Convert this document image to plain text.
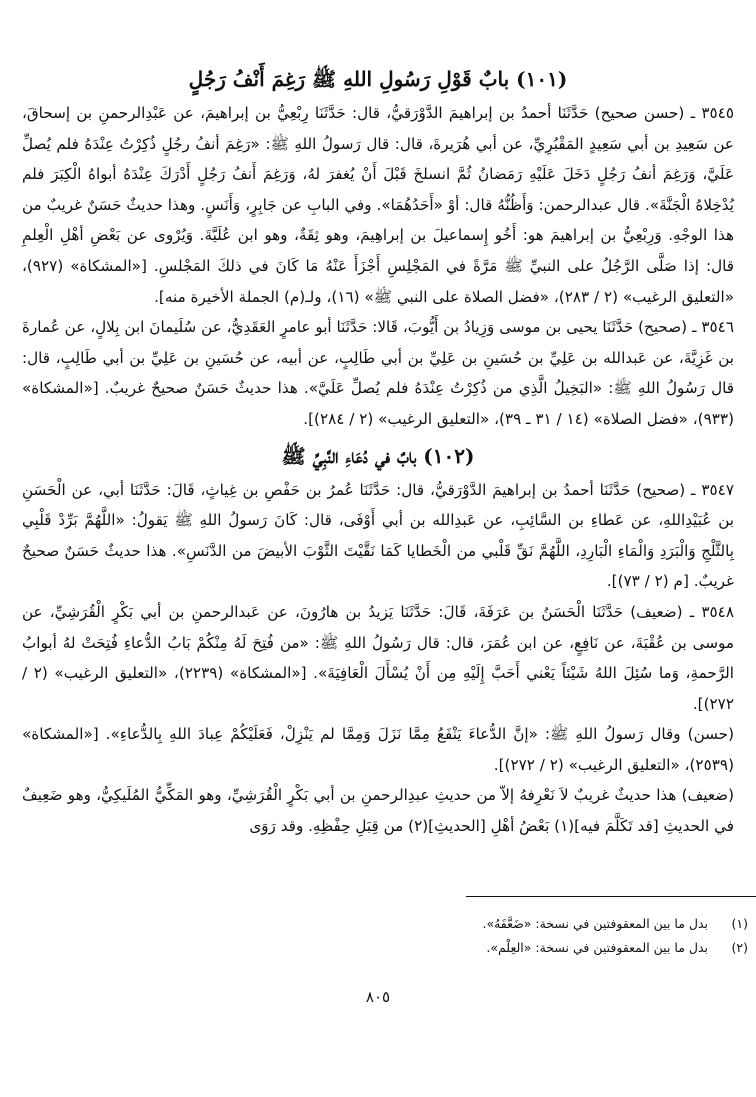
(١٠١) بابٌ قَوْلِ رَسُولِ اللهِ ﷺ رَغِمَ أَنْفُ رَجُلٍ

٣٥٤٥ ـ (حسن صحيح) حَدَّثَنَا أحمدُ بن إبراهيمَ الدَّوْرَقيُّ، قال: حَدَّثَنَا رِبْعِيُّ بن إبراهيمَ، عن عَبْدِالرحمنِ بن إسحاقَ، عن سَعِيدِ بن أبي سَعِيدٍ المَقْبُرِيِّ، عن أبي هُرَيرةَ، قال: قال رَسولُ اللهِ ﷺ: «رَغِمَ أنفُ رجُلٍ ذُكِرْتُ عِنْدَهُ فلم يُصلِّ عَلَيَّ، وَرَغِمَ أنفُ رَجُلٍ دَخَلَ عَلَيْهِ رَمَضانُ ثُمَّ انسلخَ قَبْلَ أَنْ يُغفرَ لهُ، وَرَغِمَ أَنفُ رَجُلٍ أَدْرَكَ عِنْدَهُ أبواهُ الْكِبَرَ فلم يُدْخِلاهُ الْجَنَّةَ». قال عبدالرحمن: وَأَظُنُّهُ قال: أوْ «أَحَدُهُمَا». وفي البابِ عن جَابِرٍ، وَأَنَسٍ. وهذا حديثٌ حَسَنٌ غريبٌ من هذا الوجْهِ. وَرِبْعِيُّ بن إبراهيمَ هو: أَخُو إِسماعيلَ بن إبراهِيمَ، وهو ثِقَةٌ، وهو ابن عُلَيَّةَ. وَيُرْوى عن بَعْضِ أهْلِ الْعِلمِ قال: إذا صَلَّى الرَّجُلُ على النبيِّ ﷺ مَرَّةً في المَجْلِسِ أَجْزَأَ عَنْهُ مَا كَانَ في ذلكَ المَجْلسِ. [«المشكاة» (٩٢٧)، «التعليق الرغيب» (٢ / ٢٨٣)، «فضل الصلاة على النبي ﷺ» (١٦)، ولـ(م) الجملة الأخيرة منه].

٣٥٤٦ ـ (صحيح) حَدَّثَنَا يحيى بن موسى وَزِيادُ بن أَيُّوبَ، قَالا: حَدَّثَنَا أبو عامرٍ العَقَدِيُّ، عن سُلَيمانَ ابن بِلالٍ، عن عُمارةَ بن غَزِيَّةَ، عن عَبدالله بن عَلِيِّ بن حُسَينِ بن عَلِيِّ بن أبي طَالِبٍ، عن أبيه، عن حُسَينِ بن عَلِيِّ بن أبي طَالِبٍ، قال: قال رَسُولُ اللهِ ﷺ: «البَخِيلُ الَّذِي من ذُكِرْتُ عِنْدَهُ فلم يُصلِّ عَلَيَّ». هذا حديثٌ حَسَنٌ صحيحٌ غريبٌ. [«المشكاة» (٩٣٣)، «فضل الصلاة» (١٤ / ٣١ ـ ٣٩)، «التعليق الرغيب» (٢ / ٢٨٤)].

(١٠٢) بابٌ في دُعَاءِ النَّبِيِّ ﷺ

٣٥٤٧ ـ (صحيح) حَدَّثَنَا أحمدُ بن إبراهيمَ الدَّوْرَقيُّ، قال: حَدَّثَنَا عُمرُ بن حَفْصِ بن غِياثٍ، قَالَ: حَدَّثَنَا أبي، عن الْحَسَنِ بن عُبَيْدِاللهِ، عن عَطاءِ بن السَّائِبِ، عن عَبدِالله بن أبي أَوْفَى، قال: كَانَ رَسولُ اللهِ ﷺ يَقولُ: «اللَّهُمَّ بَرِّدْ قَلْبِي بِالثَّلْجِ وَالْبَرَدِ وَالْمَاءِ الْبَارِدِ، اللَّهُمَّ نَقِّ قَلْبي من الْخَطايا كَمَا نَقَّيْتَ الثَّوْبَ الأبيضَ من الدَّنَسِ». هذا حديثٌ حَسَنٌ صحيحٌ غريبٌ. [م (٢ / ٧٣)].

٣٥٤٨ ـ (ضعيف) حَدَّثَنَا الْحَسَنُ بن عَرَفَةَ، قَالَ: حَدَّثَنَا يَزيدُ بن هارُونَ، عن عَبدالرحمنِ بن أبي بَكْرٍ الْقُرَشِيِّ، عن موسى بن عُقْبَةَ، عن نَافِعٍ، عن ابن عُمَرَ، قال: قال رَسُولُ اللهِ ﷺ: «من فُتِحَ لَهُ مِنْكُمْ بَابُ الدُّعاءِ فُتِحَتْ لهُ أبوابُ الرَّحمةِ، وَما سُئِلَ اللهُ شَيْئاً يَعْني أَحَبَّ إِلَيْهِ مِن أَنْ يُسْأَلَ الْعَافِيَةَ». [«المشكاة» (٢٢٣٩)، «التعليق الرغيب» (٢ / ٢٧٢)].

(حسن) وقال رَسولُ اللهِ ﷺ: «إنَّ الدُّعاءَ يَنْفَعُ مِمَّا نَزَلَ وَمِمَّا لم يَنْزِلْ، فَعَلَيْكُمْ عِبادَ اللهِ بِالدُّعاءِ». [«المشكاة» (٢٥٣٩)، «التعليق الرغيب» (٢ / ٢٧٢)].

(ضعيف) هذا حديثٌ غريبٌ لاَ نَعْرِفهُ إلاّ من حديثِ عبدِالرحمنِ بن أبي بَكْرٍ الْقُرَشِيِّ، وهو المَكِّيُّ المُلَيكِيُّ، وهو ضَعِيفٌ في الحديثِ [قد تَكَلَّمَ فيه](١) بَعْضُ أهْلِ [الحديثِ](٢) من قِبَلِ حِفْظِهِ. وقد رَوَى

(١)
بدل ما بين المعقوفتين في نسخة: «ضَعَّفَهُ».
(٢)
بدل ما بين المعقوفتين في نسخة: «العِلْم».
٨٠٥
